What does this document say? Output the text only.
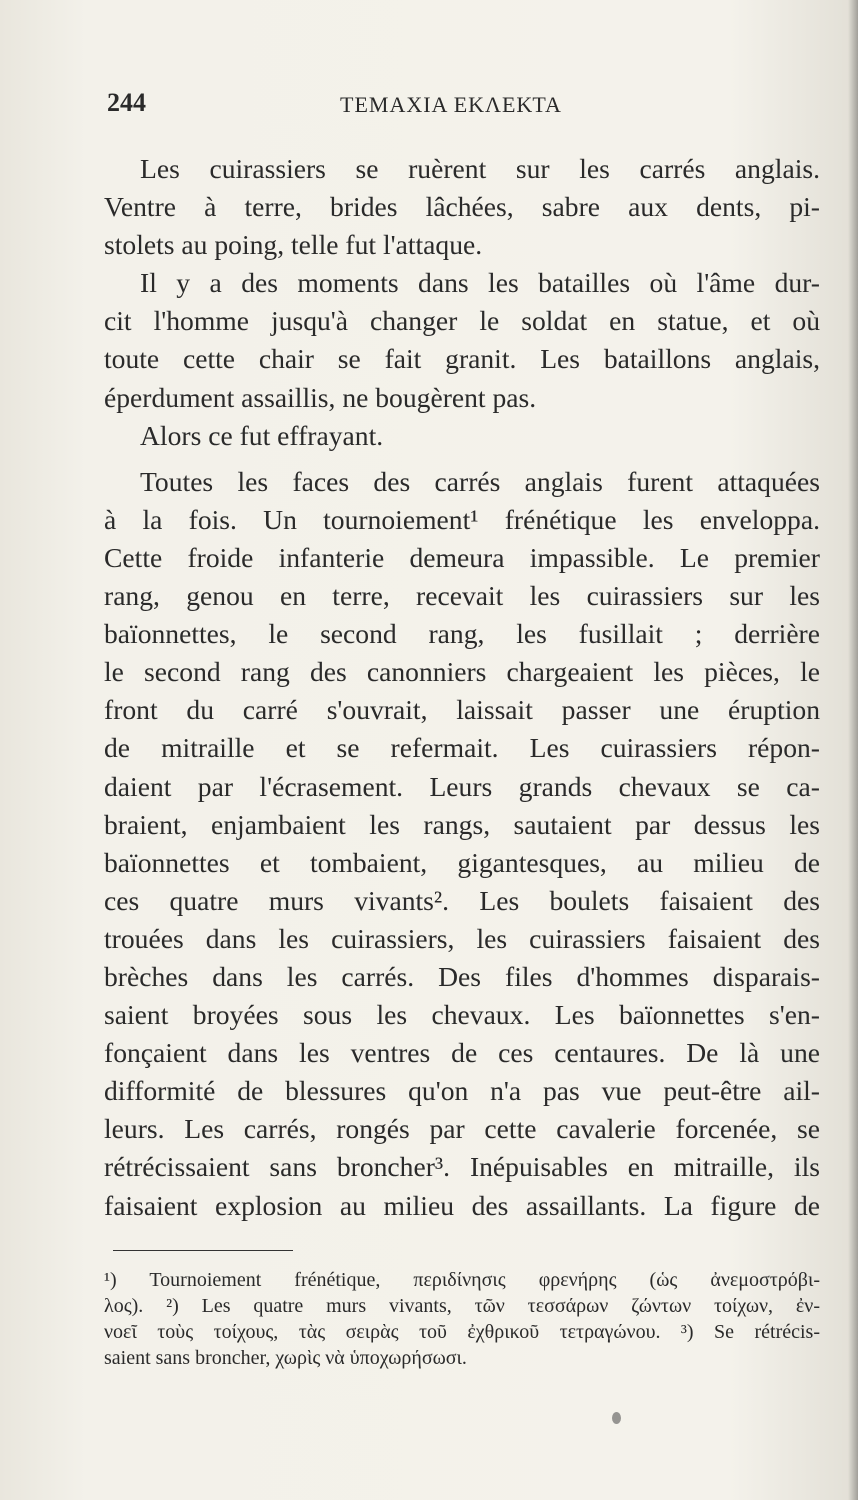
244	ΤΕΜΑΧΙΑ ΕΚΛΕΚΤΑ
Les cuirassiers se ruèrent sur les carrés anglais.
Ventre à terre, brides lâchées, sabre aux dents, pi-
stolets au poing, telle fut l'attaque.
Il y a des moments dans les batailles où l'âme dur-
cit l'homme jusqu'à changer le soldat en statue, et où
toute cette chair se fait granit. Les bataillons anglais,
éperdument assaillis, ne bougèrent pas.
Alors ce fut effrayant.
Toutes les faces des carrés anglais furent attaquées
à la fois. Un tournoiement¹ frénétique les enveloppa.
Cette froide infanterie demeura impassible. Le premier
rang, genou en terre, recevait les cuirassiers sur les
baïonnettes, le second rang, les fusillait ; derrière
le second rang des canonniers chargeaient les pièces, le
front du carré s'ouvrait, laissait passer une éruption
de mitraille et se refermait. Les cuirassiers répon-
daient par l'écrasement. Leurs grands chevaux se ca-
braient, enjambaient les rangs, sautaient par dessus les
baïonnettes et tombaient, gigantesques, au milieu de
ces quatre murs vivants². Les boulets faisaient des
trouées dans les cuirassiers, les cuirassiers faisaient des
brèches dans les carrés. Des files d'hommes disparais-
saient broyées sous les chevaux. Les baïonnettes s'en-
fonçaient dans les ventres de ces centaures. De là une
difformité de blessures qu'on n'a pas vue peut-être ail-
leurs. Les carrés, rongés par cette cavalerie forcenée, se
rétrécissaient sans broncher³. Inépuisables en mitraille, ils
faisaient explosion au milieu des assaillants. La figure de
¹) Tournoiement frénétique, περιδίνησις φρενήρης (ὡς ἀνεμοστρόβι-
λος). ²) Les quatre murs vivants, τῶν τεσσάρων ζώντων τοίχων, ἐν-
νοεῖ τοὺς τοίχους, τὰς σειρὰς τοῦ ἐχθρικοῦ τετραγώνου. ³) Se rétrécis-
saient sans broncher, χωρὶς νὰ ὑποχωρήσωσι.
